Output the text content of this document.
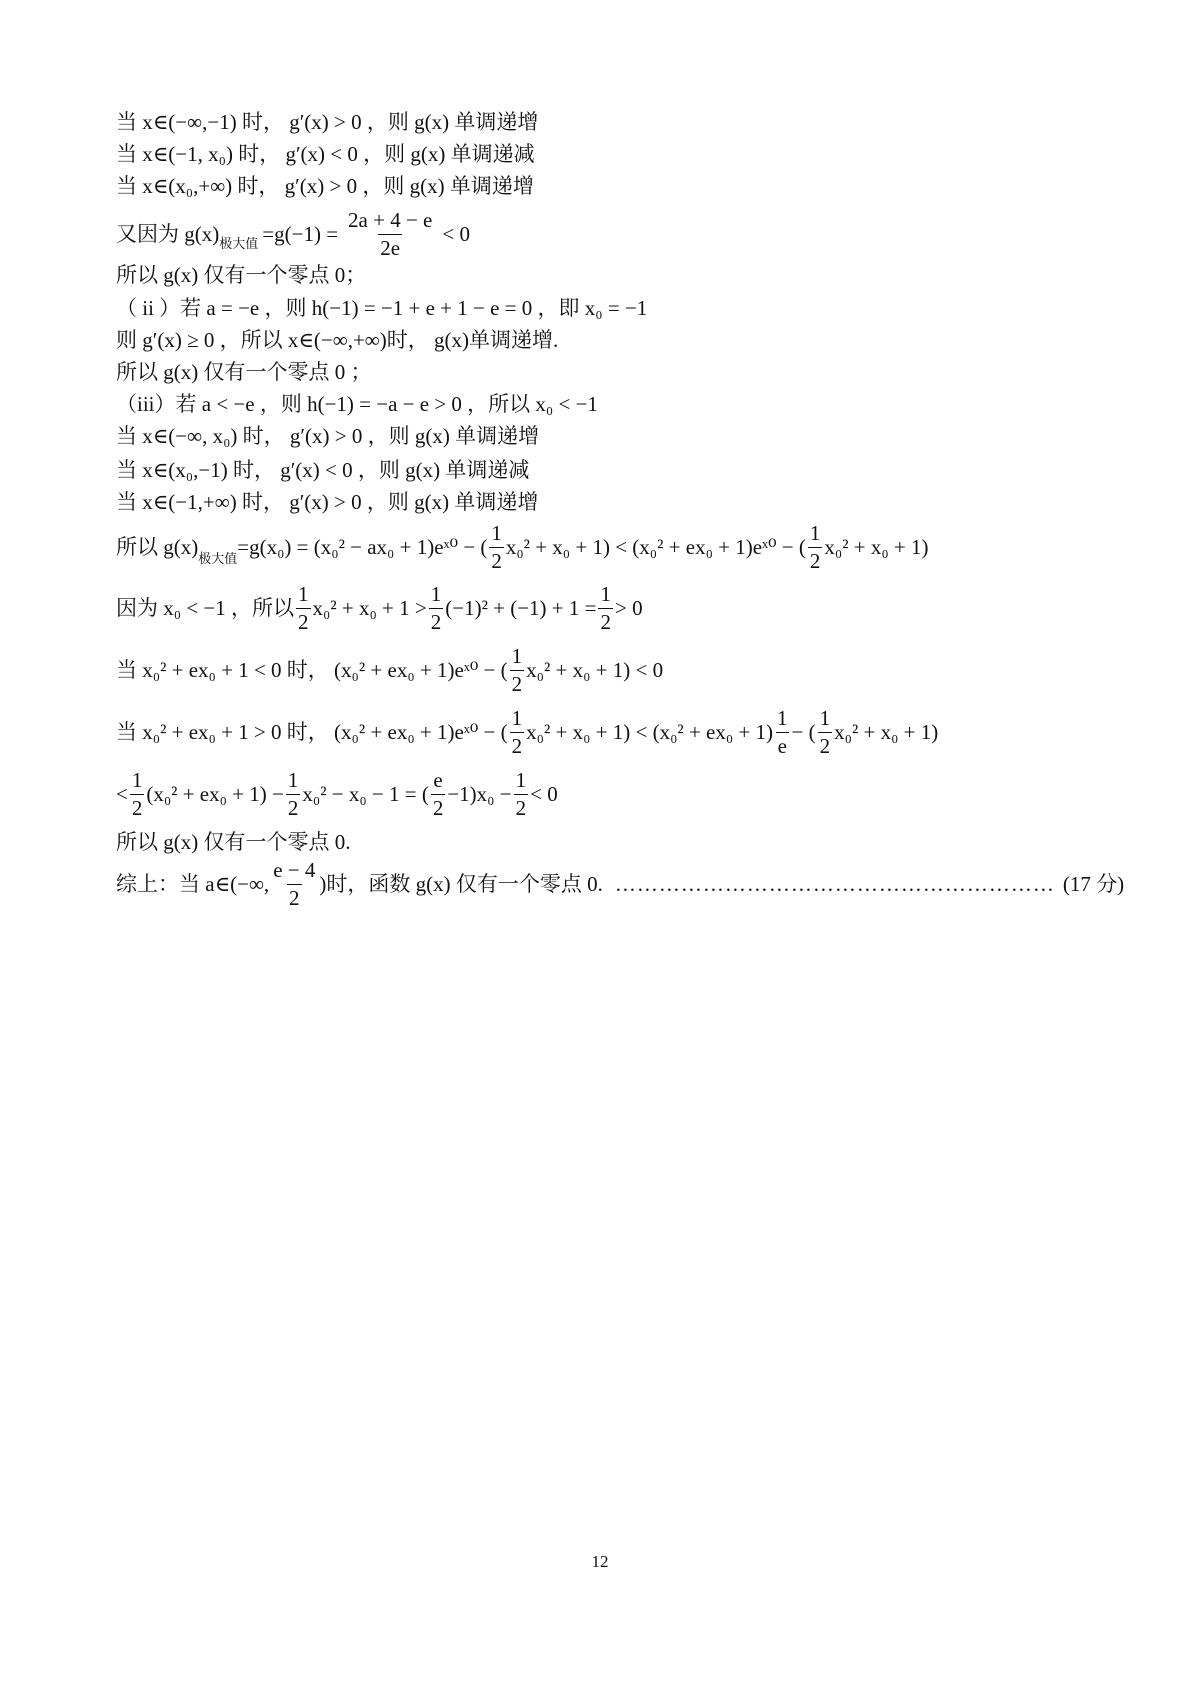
当 x∈(−∞,−1) 时， g′(x) > 0 ，则 g(x) 单调递增
当 x∈(−1, x₀) 时， g′(x) < 0 ，则 g(x) 单调递减
当 x∈(x₀,+∞) 时， g′(x) > 0 ，则 g(x) 单调递增
又因为 g(x) 极大值 $=g(-1) = \frac{2a + 4 - e}{2e} < 0$
所以 g(x) 仅有一个零点 0；
（ ii ）若 a = −e ，则 h(−1) = −1 + e + 1 − e = 0 ，即 x₀ = −1
则 g′(x) ≥ 0 ，所以 x∈(−∞,+∞)时， g(x)单调递增.
所以 g(x) 仅有一个零点 0 ；
（iii）若 a < −e ，则 h(−1) = −a − e > 0 ，所以 x₀ < −1
当 x∈(−∞, x₀) 时， g′(x) > 0 ，则 g(x) 单调递增
当 x∈(x₀,−1) 时， g′(x) < 0 ，则 g(x) 单调递减
当 x∈(−1,+∞) 时， g′(x) > 0 ，则 g(x) 单调递增
所以 g(x) 极大值 =g(x₀) = (x₀² − ax₀ + 1)eˣ⁰ − ( $\frac{1}{2} x_0^2 + x_0 + 1) < (x_0^2 + ex_0$ + 1)eˣ⁰ − ( $\frac{1}{2} x_0^2 + x_0 + 1$)
因为 x₀ < −1 ，所以 $\frac{1}{2} x_0^2 + x_0 + 1 > \frac{1}{2} (-1)^2 + (-1) + 1 = \frac{1}{2} > 0$
当 x₀² + ex₀ + 1 < 0 时， (x₀² + ex₀ + 1)eˣ⁰ − ( $\frac{1}{2} x_0^2 + x_0 + 1) < 0$
当 x₀² + ex₀ + 1 > 0 时， (x₀² + ex₀ + 1)eˣ⁰ − ( $\frac{1}{2} x_0^2 + x_0 + 1) < (x_0^2 + ex_0 + 1) \frac{1}{e}$ − ( $\frac{1}{2} x_0^2 + x_0 + 1$)
< $\frac{1}{2} (x_0^2 + ex_0 + 1) - \frac{1}{2} x_0^2 - x_0 - 1$ = ( $\frac{e}{2} -1)x_0 - \frac{1}{2} < 0$
所以 g(x) 仅有一个零点 0.
综上：当 a∈(−∞, $\frac{e - 4}{2}$ )时，函数 g(x) 仅有一个零点 0. …………………………………………………… (17 分)
12
